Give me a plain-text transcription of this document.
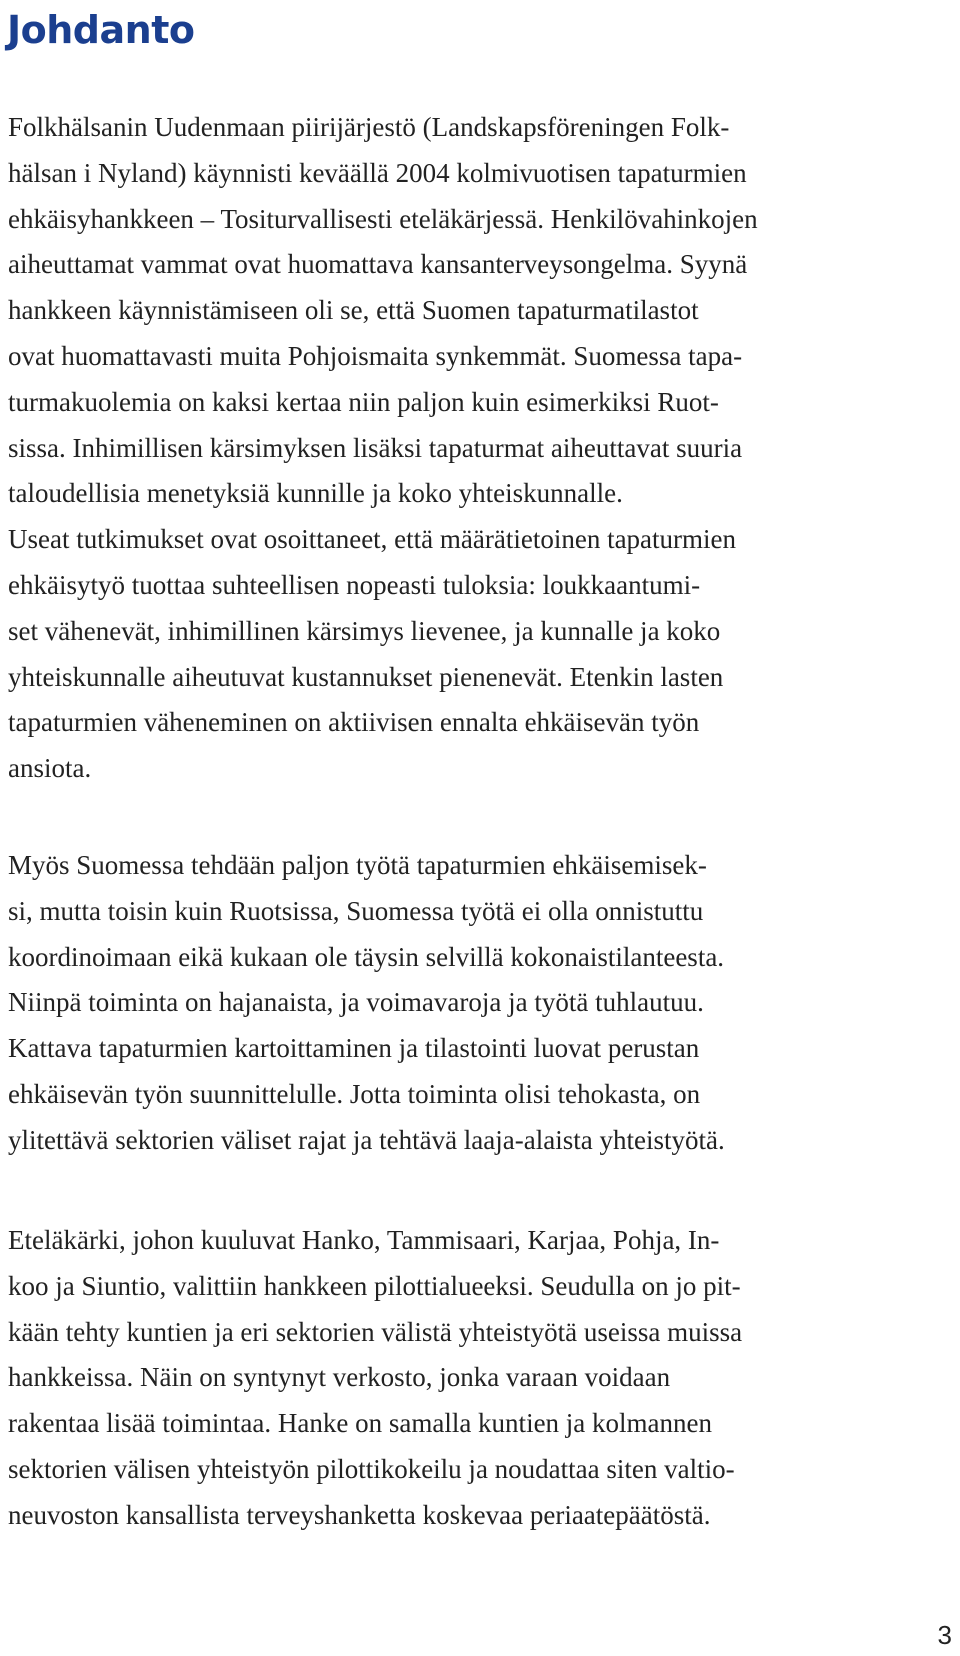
Johdanto
Folkhälsanin Uudenmaan piirijärjestö (Landskapsföreningen Folk-
hälsan i Nyland) käynnisti keväällä 2004 kolmivuotisen tapaturmien
ehkäisyhankkeen – Tositurvallisesti eteläkärjessä. Henkilövahinkojen
aiheuttamat vammat ovat huomattava kansanterveysongelma. Syynä
hankkeen käynnistämiseen oli se, että Suomen tapaturmatilastot
ovat huomattavasti muita Pohjoismaita synkemmät. Suomessa tapa-
turmakuolemia on kaksi kertaa niin paljon kuin esimerkiksi Ruot-
sissa. Inhimillisen kärsimyksen lisäksi tapaturmat aiheuttavat suuria
taloudellisia menetyksiä kunnille ja koko yhteiskunnalle.
Useat tutkimukset ovat osoittaneet, että määrätietoinen tapaturmien
ehkäisytyö tuottaa suhteellisen nopeasti tuloksia: loukkaantumi-
set vähenevät, inhimillinen kärsimys lievenee, ja kunnalle ja koko
yhteiskunnalle aiheutuvat kustannukset pienenevät. Etenkin lasten
tapaturmien väheneminen on aktiivisen ennalta ehkäisevän työn
ansiota.
Myös Suomessa tehdään paljon työtä tapaturmien ehkäisemisek-
si, mutta toisin kuin Ruotsissa, Suomessa työtä ei olla onnistuttu
koordinoimaan eikä kukaan ole täysin selvillä kokonaistilanteesta.
Niinpä toiminta on hajanaista, ja voimavaroja ja työtä tuhlautuu.
Kattava tapaturmien kartoittaminen ja tilastointi luovat perustan
ehkäisevän työn suunnittelulle. Jotta toiminta olisi tehokasta, on
ylitettävä sektorien väliset rajat ja tehtävä laaja-alaista yhteistyötä.
Eteläkärki, johon kuuluvat Hanko, Tammisaari, Karjaa, Pohja, In-
koo ja Siuntio, valittiin hankkeen pilottialueeksi. Seudulla on jo pit-
kään tehty kuntien ja eri sektorien välistä yhteistyötä useissa muissa
hankkeissa. Näin on syntynyt verkosto, jonka varaan voidaan
rakentaa lisää toimintaa. Hanke on samalla kuntien ja kolmannen
sektorien välisen yhteistyön pilottikokeilu ja noudattaa siten valtio-
neuvoston kansallista terveyshanketta koskevaa periaatepäätöstä.
3
